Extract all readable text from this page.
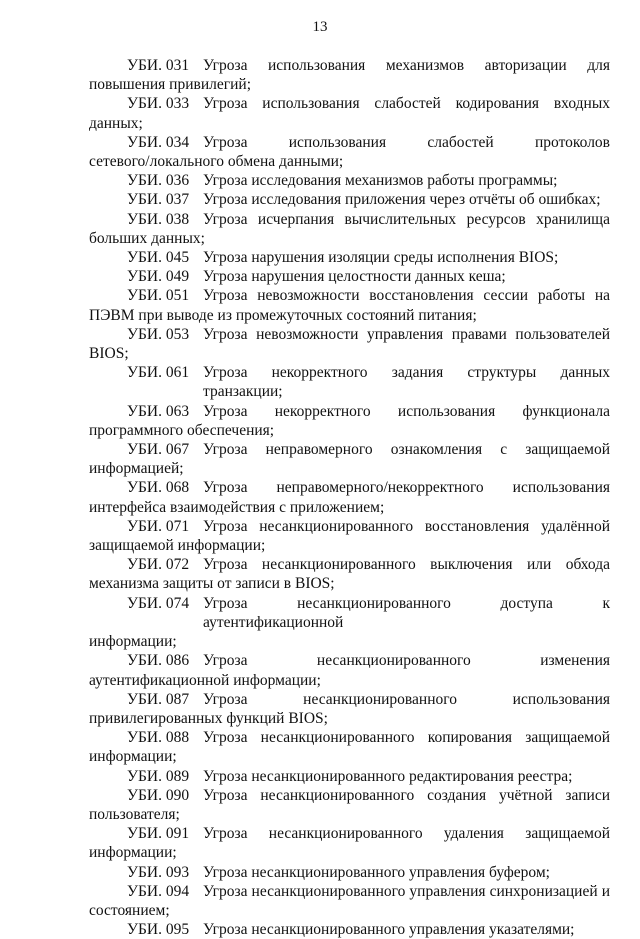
13
УБИ. 031 Угроза использования механизмов авторизации для
повышения привилегий;
УБИ. 033 Угроза использования слабостей кодирования входных
данных;
УБИ. 034 Угроза использования слабостей протоколов
сетевого/локального обмена данными;
УБИ. 036 Угроза исследования механизмов работы программы;
УБИ. 037 Угроза исследования приложения через отчёты об ошибках;
УБИ. 038 Угроза исчерпания вычислительных ресурсов хранилища
больших данных;
УБИ. 045 Угроза нарушения изоляции среды исполнения BIOS;
УБИ. 049 Угроза нарушения целостности данных кеша;
УБИ. 051 Угроза невозможности восстановления сессии работы на
ПЭВМ при выводе из промежуточных состояний питания;
УБИ. 053 Угроза невозможности управления правами пользователей
BIOS;
УБИ. 061 Угроза некорректного задания структуры данных транзакции;
УБИ. 063 Угроза некорректного использования функционала
программного обеспечения;
УБИ. 067 Угроза неправомерного ознакомления с защищаемой
информацией;
УБИ. 068 Угроза неправомерного/некорректного использования
интерфейса взаимодействия с приложением;
УБИ. 071 Угроза несанкционированного восстановления удалённой
защищаемой информации;
УБИ. 072 Угроза несанкционированного выключения или обхода
механизма защиты от записи в BIOS;
УБИ. 074 Угроза несанкционированного доступа к аутентификационной
информации;
УБИ. 086 Угроза несанкционированного изменения
аутентификационной информации;
УБИ. 087 Угроза несанкционированного использования
привилегированных функций BIOS;
УБИ. 088 Угроза несанкционированного копирования защищаемой
информации;
УБИ. 089 Угроза несанкционированного редактирования реестра;
УБИ. 090 Угроза несанкционированного создания учётной записи
пользователя;
УБИ. 091 Угроза несанкционированного удаления защищаемой
информации;
УБИ. 093 Угроза несанкционированного управления буфером;
УБИ. 094 Угроза несанкционированного управления синхронизацией и
состоянием;
УБИ. 095 Угроза несанкционированного управления указателями;
